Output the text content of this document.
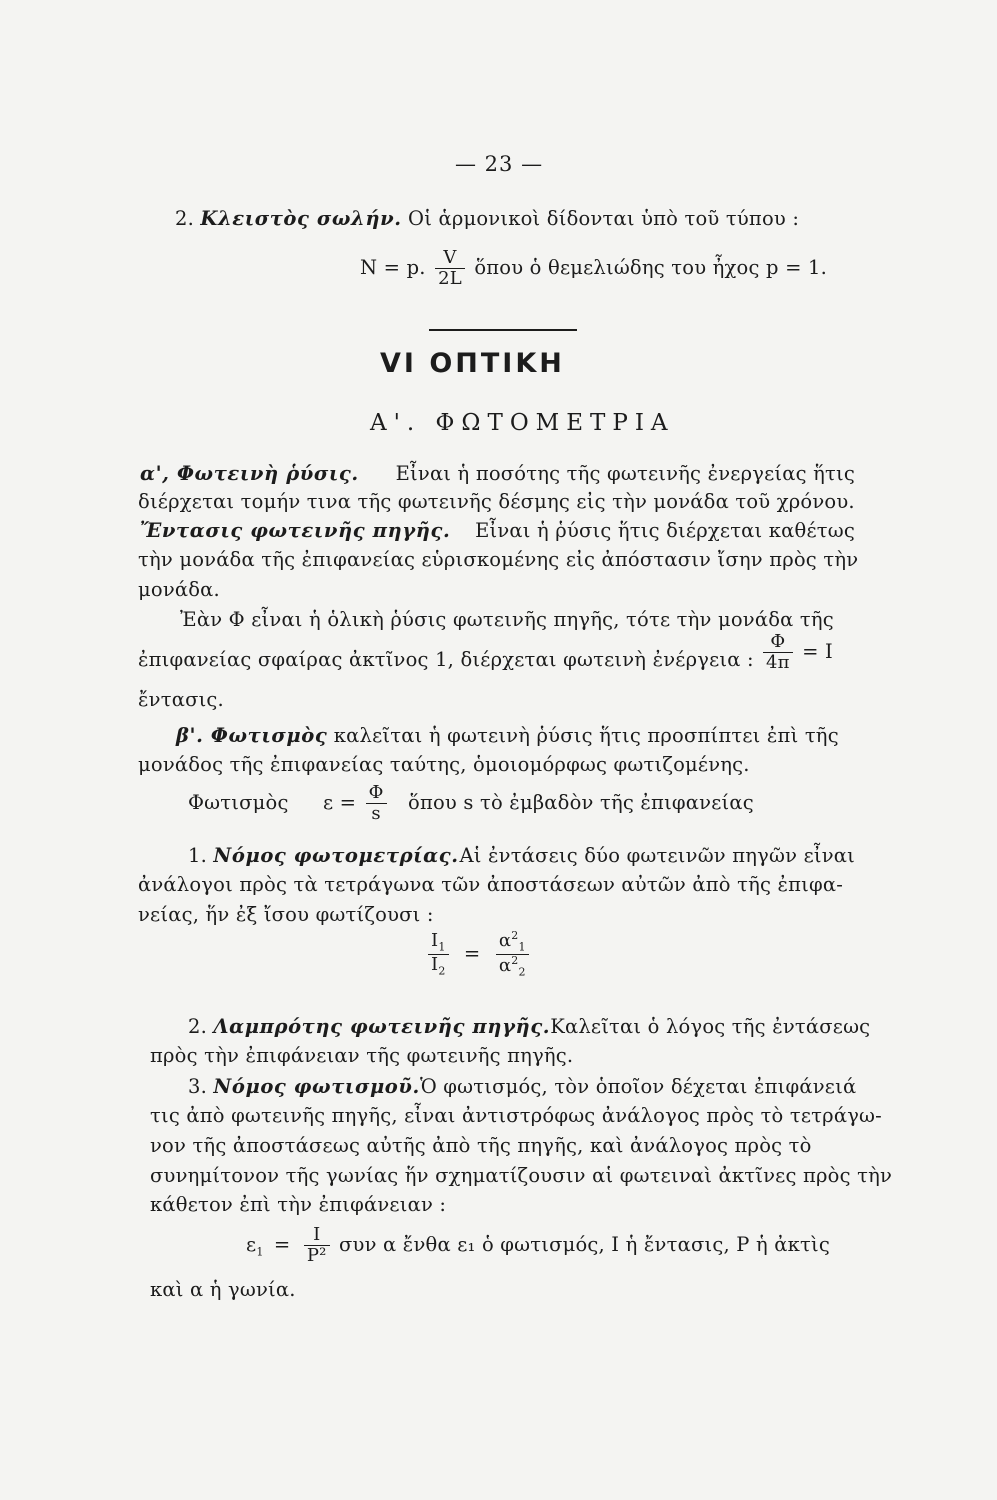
— 23 —
2. Κλειστὸς σωλήν. Οἱ ἁρμονικοὶ δίδονται ὑπὸ τοῦ τύπου :
N = p. $\frac{V}{2L}$ ὅπου ὁ θεμελιώδης του ἦχος p = 1.
VI ΟΠΤΙΚΗ
Α'. ΦΩΤΟΜΕΤΡΙΑ
α', Φωτεινὴ ῥύσις. Εἶναι ἡ ποσότης τῆς φωτεινῆς ἐνεργείας ἥτις
διέρχεται τομήν τινα τῆς φωτεινῆς δέσμης εἰς τὴν μονάδα τοῦ χρόνου.
Ἔντασις φωτεινῆς πηγῆς. Εἶναι ἡ ῥύσις ἥτις διέρχεται καθέτως
τὴν μονάδα τῆς ἐπιφανείας εὑρισκομένης εἰς ἀπόστασιν ἴσην πρὸς τὴν
μονάδα.
Ἐὰν Φ εἶναι ἡ ὁλικὴ ῥύσις φωτεινῆς πηγῆς, τότε τὴν μονάδα τῆς
ἐπιφανείας σφαίρας ἀκτῖνος 1, διέρχεται φωτεινὴ ἐνέργεια : $\frac{\Phi}{4\pi} = I$
ἔντασις.
β'. Φωτισμὸς καλεῖται ἡ φωτεινὴ ῥύσις ἥτις προσπίπτει ἐπὶ τῆς
μονάδος τῆς ἐπιφανείας ταύτης, ὁμοιομόρφως φωτιζομένης.
Φωτισμὸς $\varepsilon = \frac{\Phi}{s}$ ὅπου s τὸ ἐμβαδὸν τῆς ἐπιφανείας
1. Νόμος φωτομετρίας. Αἱ ἐντάσεις δύο φωτεινῶν πηγῶν εἶναι
ἀνάλογοι πρὸς τὰ τετράγωνα τῶν ἀποστάσεων αὐτῶν ἀπὸ τῆς ἐπιφα-
νείας, ἥν ἐξ ἴσου φωτίζουσι :
$\frac{I_1}{I_2} = \frac{\alpha^2_1}{\alpha^2_2}$
2. Λαμπρότης φωτεινῆς πηγῆς. Καλεῖται ὁ λόγος τῆς ἐντάσεως
πρὸς τὴν ἐπιφάνειαν τῆς φωτεινῆς πηγῆς.
3. Νόμος φωτισμοῦ. Ὁ φωτισμός, τὸν ὁποῖον δέχεται ἐπιφάνειά
τις ἀπὸ φωτεινῆς πηγῆς, εἶναι ἀντιστρόφως ἀνάλογος πρὸς τὸ τετράγω-
νον τῆς ἀποστάσεως αὐτῆς ἀπὸ τῆς πηγῆς, καὶ ἀνάλογος πρὸς τὸ
συνημίτονον τῆς γωνίας ἥν σχηματίζουσιν αἱ φωτειναὶ ἀκτῖνες πρὸς τὴν
κάθετον ἐπὶ τὴν ἐπιφάνειαν :
$\varepsilon_1 = \frac{I}{\text{P²}}$ συν α ἔνθα ε₁ ὁ φωτισμός, I ἡ ἔντασις, P ἡ ἀκτὶς
καὶ α ἡ γωνία.
